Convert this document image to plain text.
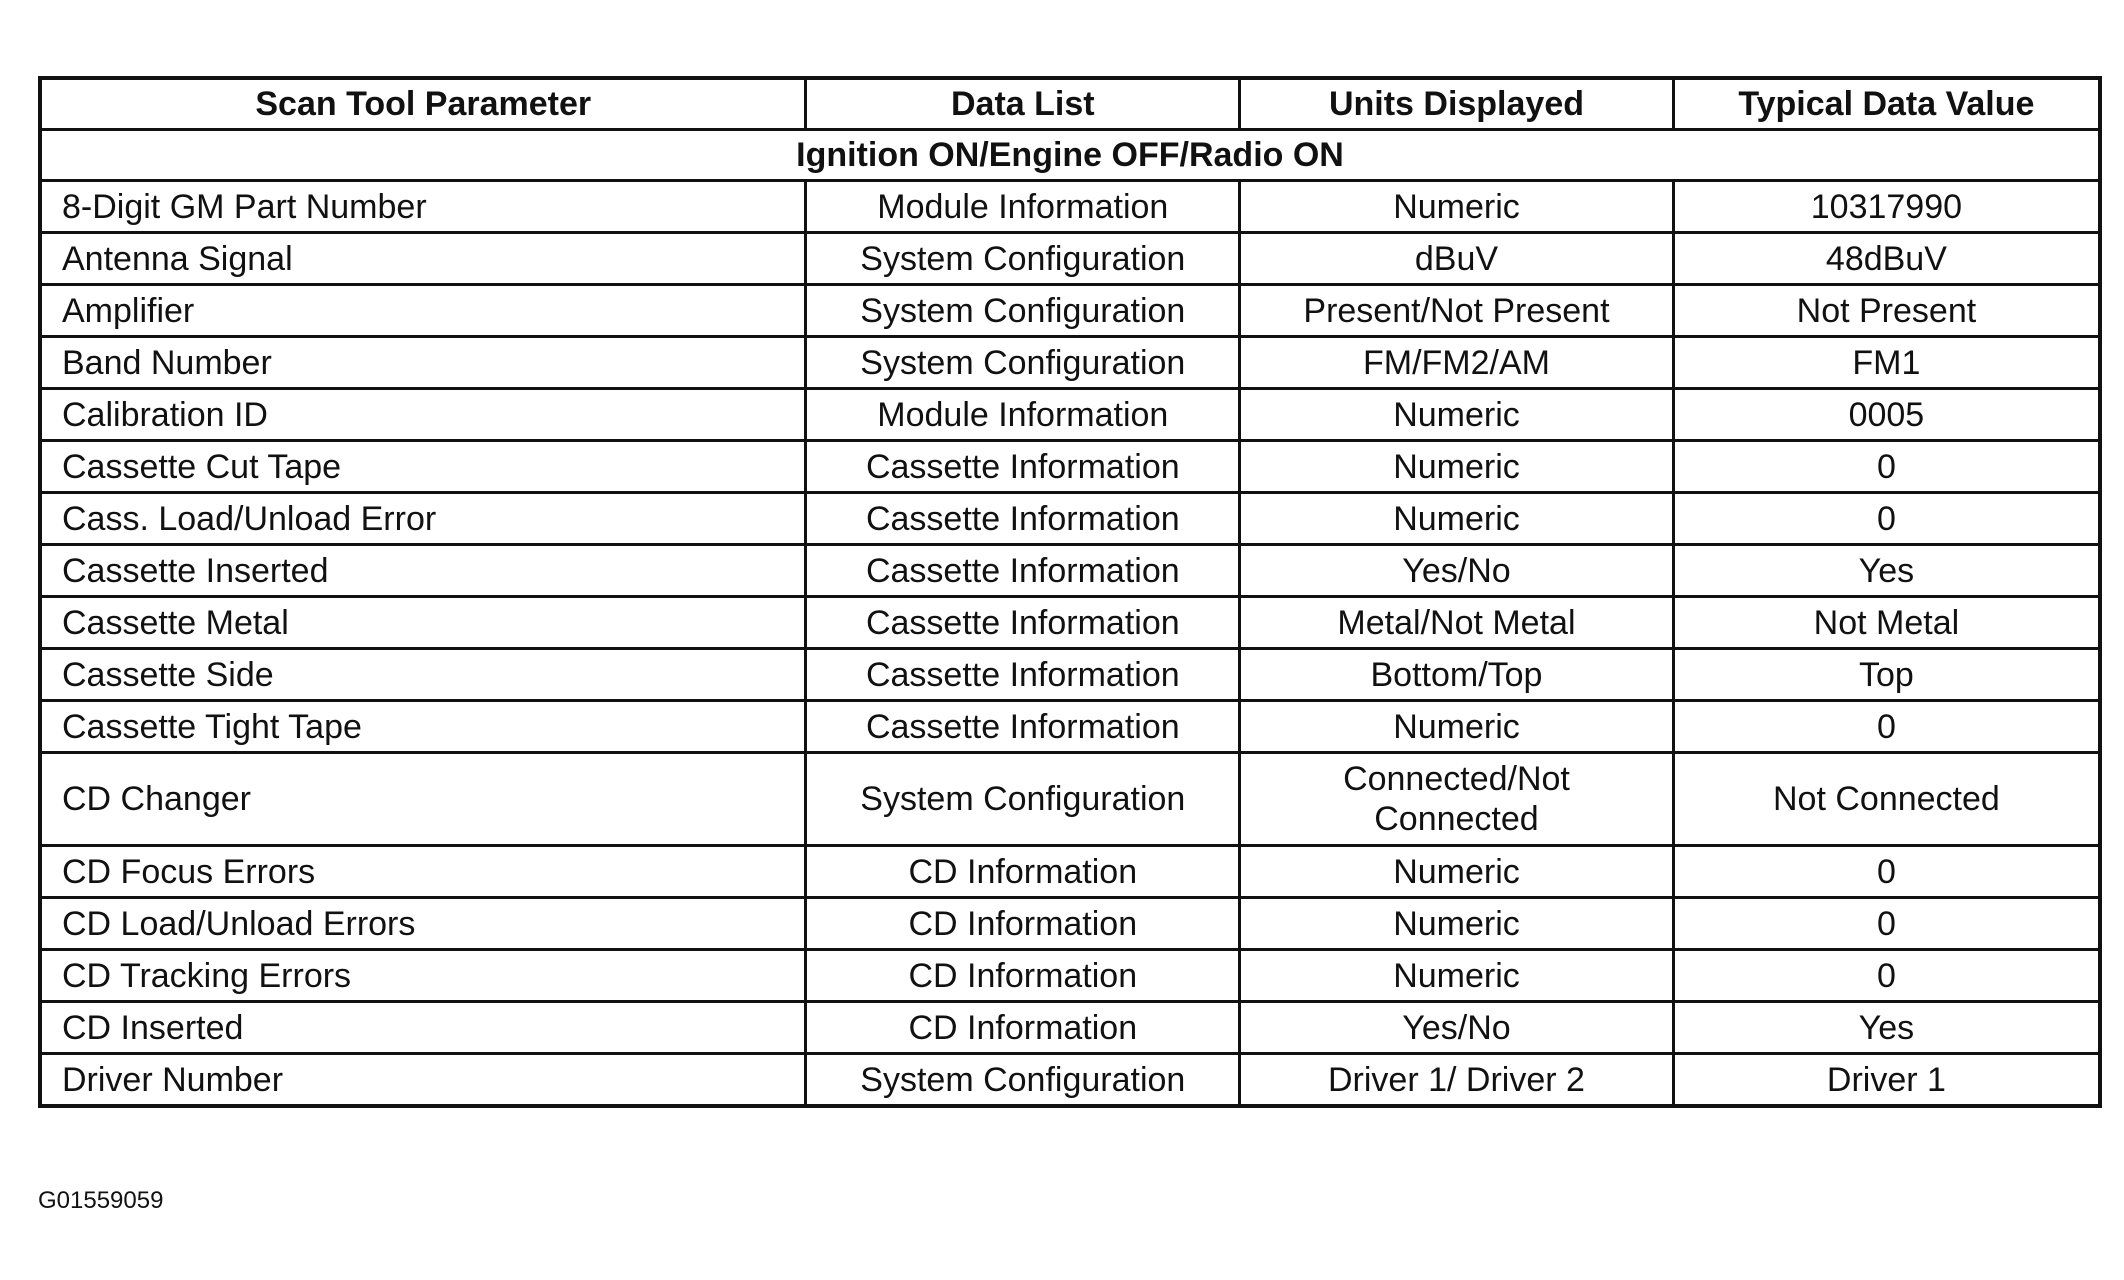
Scan Tool Parameter	Data List	Units Displayed	Typical Data Value
Ignition ON/Engine OFF/Radio ON			
8-Digit GM Part Number	Module Information	Numeric	10317990
Antenna Signal	System Configuration	dBuV	48dBuV
Amplifier	System Configuration	Present/Not Present	Not Present
Band Number	System Configuration	FM/FM2/AM	FM1
Calibration ID	Module Information	Numeric	0005
Cassette Cut Tape	Cassette Information	Numeric	0
Cass. Load/Unload Error	Cassette Information	Numeric	0
Cassette Inserted	Cassette Information	Yes/No	Yes
Cassette Metal	Cassette Information	Metal/Not Metal	Not Metal
Cassette Side	Cassette Information	Bottom/Top	Top
Cassette Tight Tape	Cassette Information	Numeric	0
CD Changer	System Configuration	Connected/Not Connected	Not Connected
CD Focus Errors	CD Information	Numeric	0
CD Load/Unload Errors	CD Information	Numeric	0
CD Tracking Errors	CD Information	Numeric	0
CD Inserted	CD Information	Yes/No	Yes
Driver Number	System Configuration	Driver 1/ Driver 2	Driver 1
G01559059
